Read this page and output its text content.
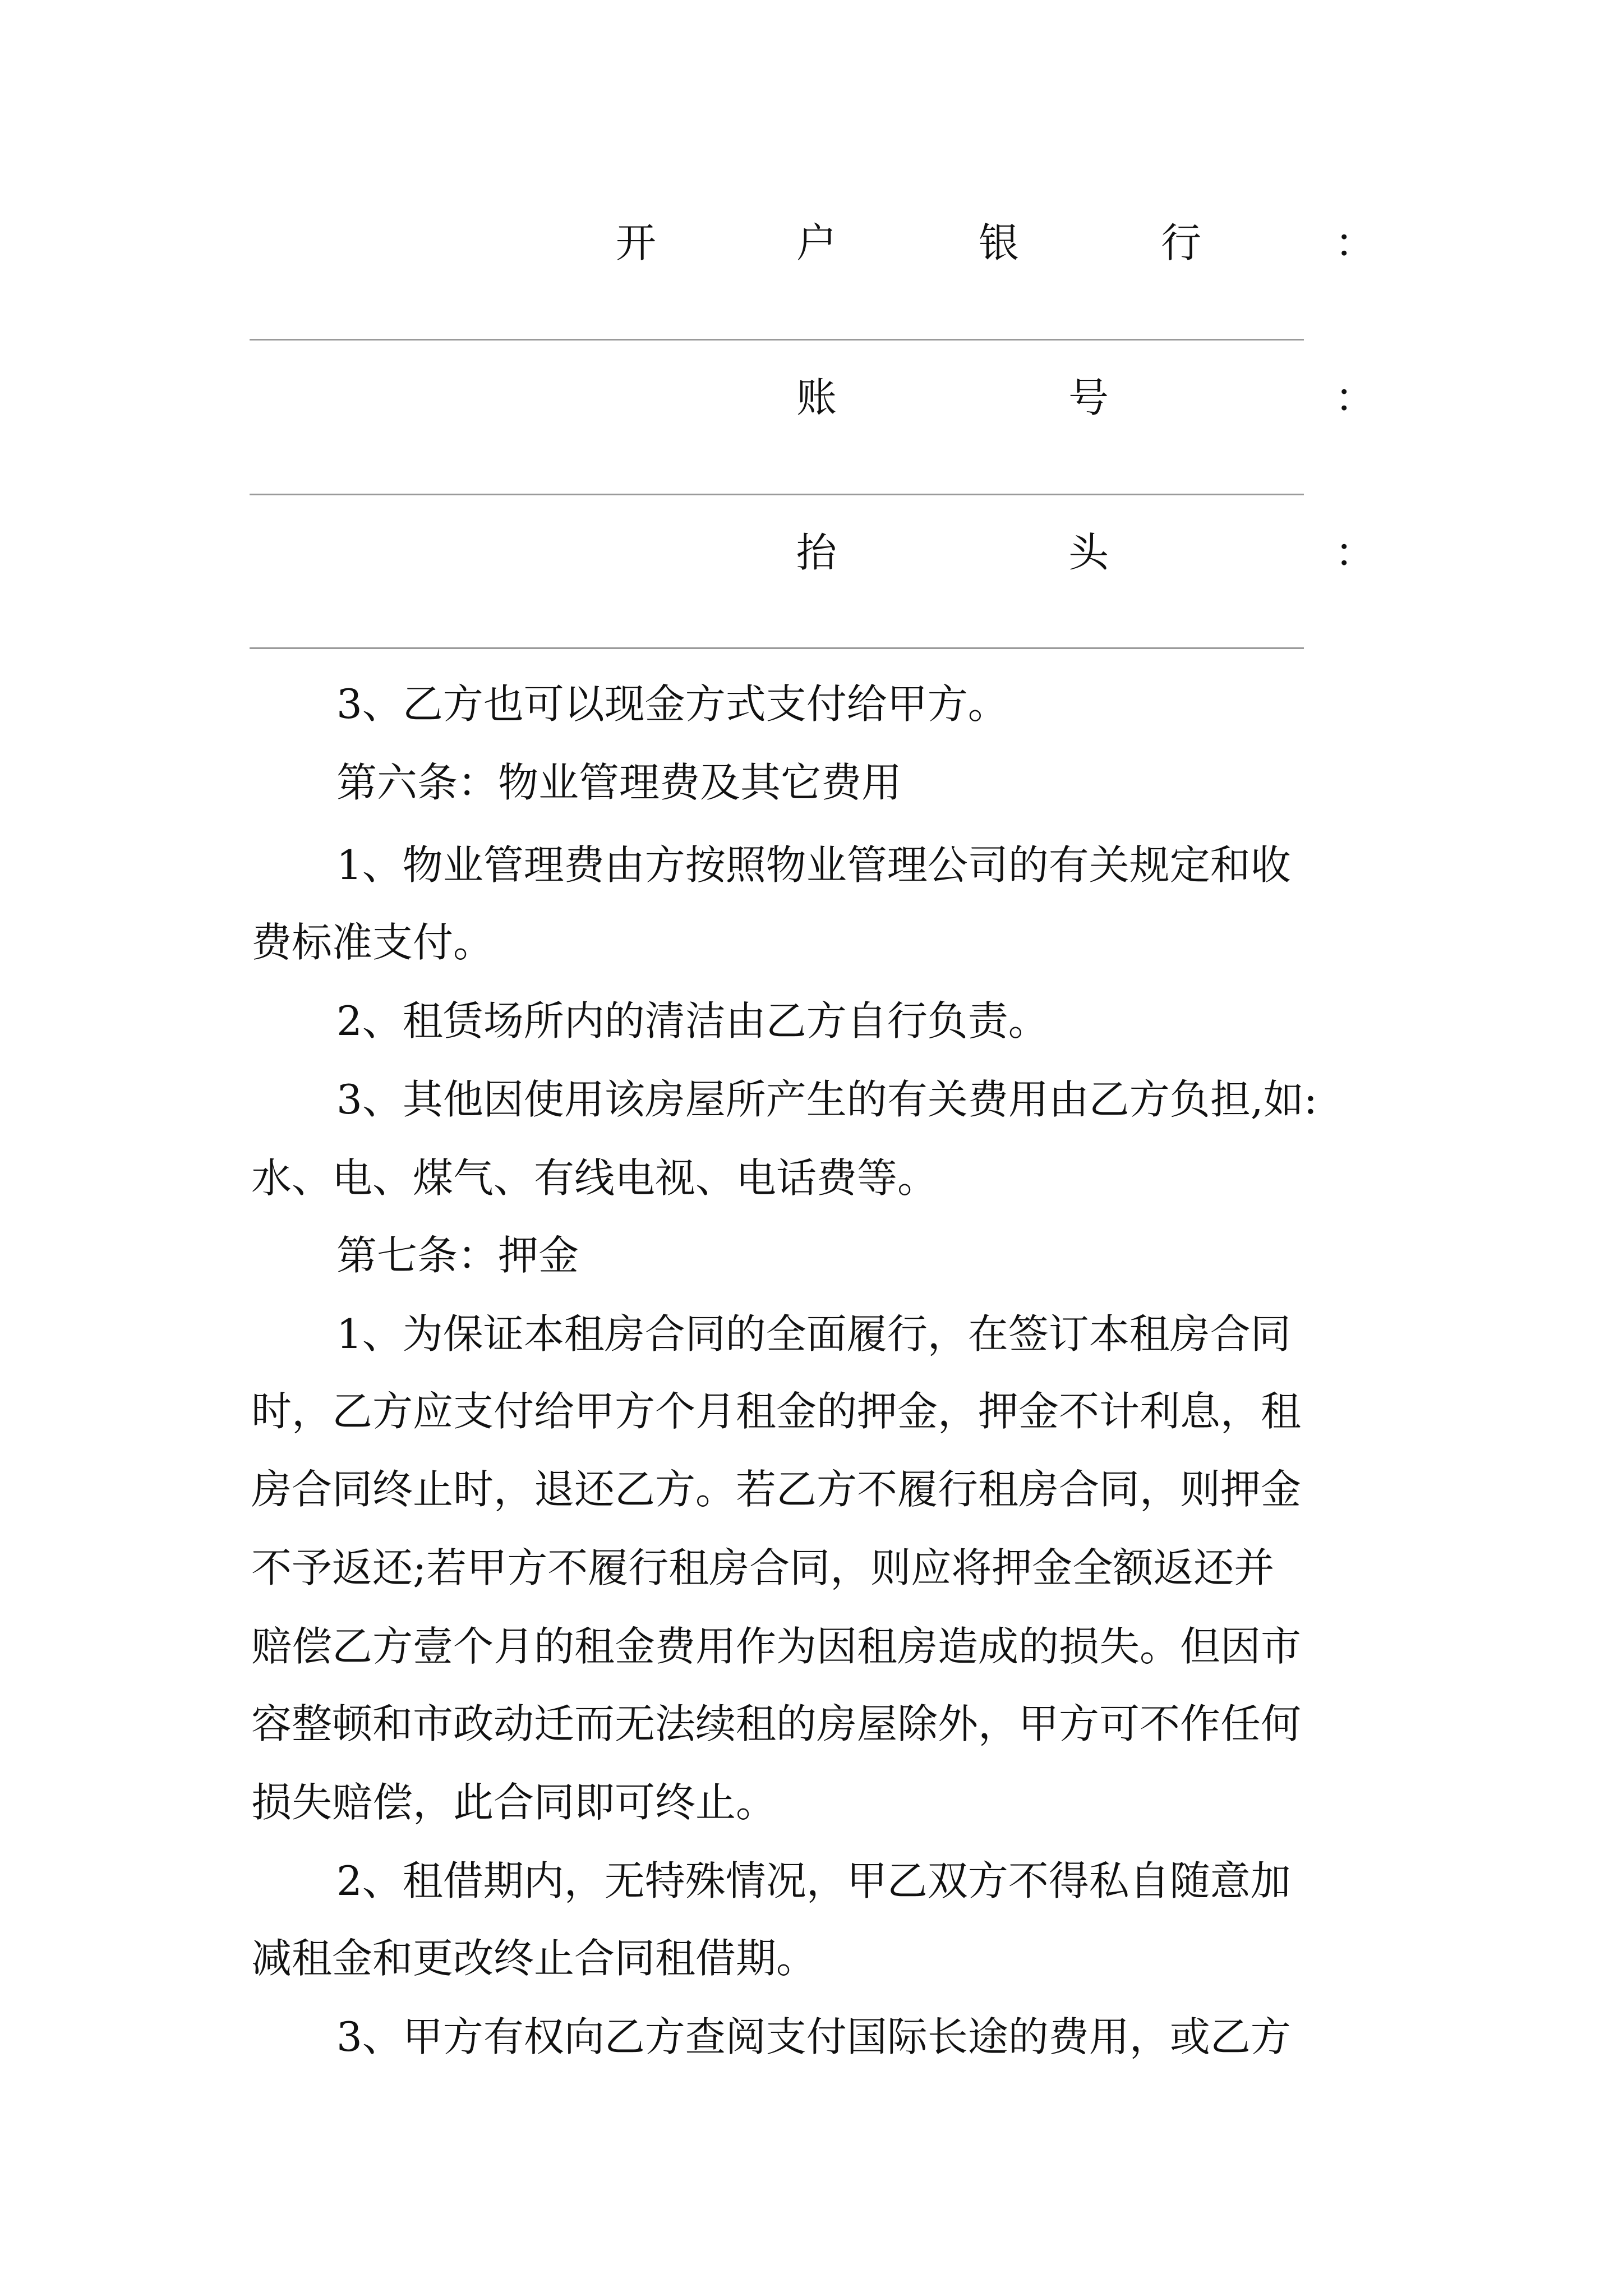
开	户	银	行	：
账	号	：
抬	头	：
3、乙方也可以现金方式支付给甲方。
第六条：物业管理费及其它费用
1、物业管理费由方按照物业管理公司的有关规定和收
费标准支付。
2、租赁场所内的清洁由乙方自行负责。
3、其他因使用该房屋所产生的有关费用由乙方负担,如:
水、电、煤气、有线电视、电话费等。
第七条：押金
1、为保证本租房合同的全面履行，在签订本租房合同
时，乙方应支付给甲方个月租金的押金，押金不计利息，租
房合同终止时，退还乙方。若乙方不履行租房合同，则押金
不予返还;若甲方不履行租房合同，则应将押金全额返还并
赔偿乙方壹个月的租金费用作为因租房造成的损失。但因市
容整顿和市政动迁而无法续租的房屋除外，甲方可不作任何
损失赔偿，此合同即可终止。
2、租借期内，无特殊情况，甲乙双方不得私自随意加
减租金和更改终止合同租借期。
3、甲方有权向乙方查阅支付国际长途的费用，或乙方
